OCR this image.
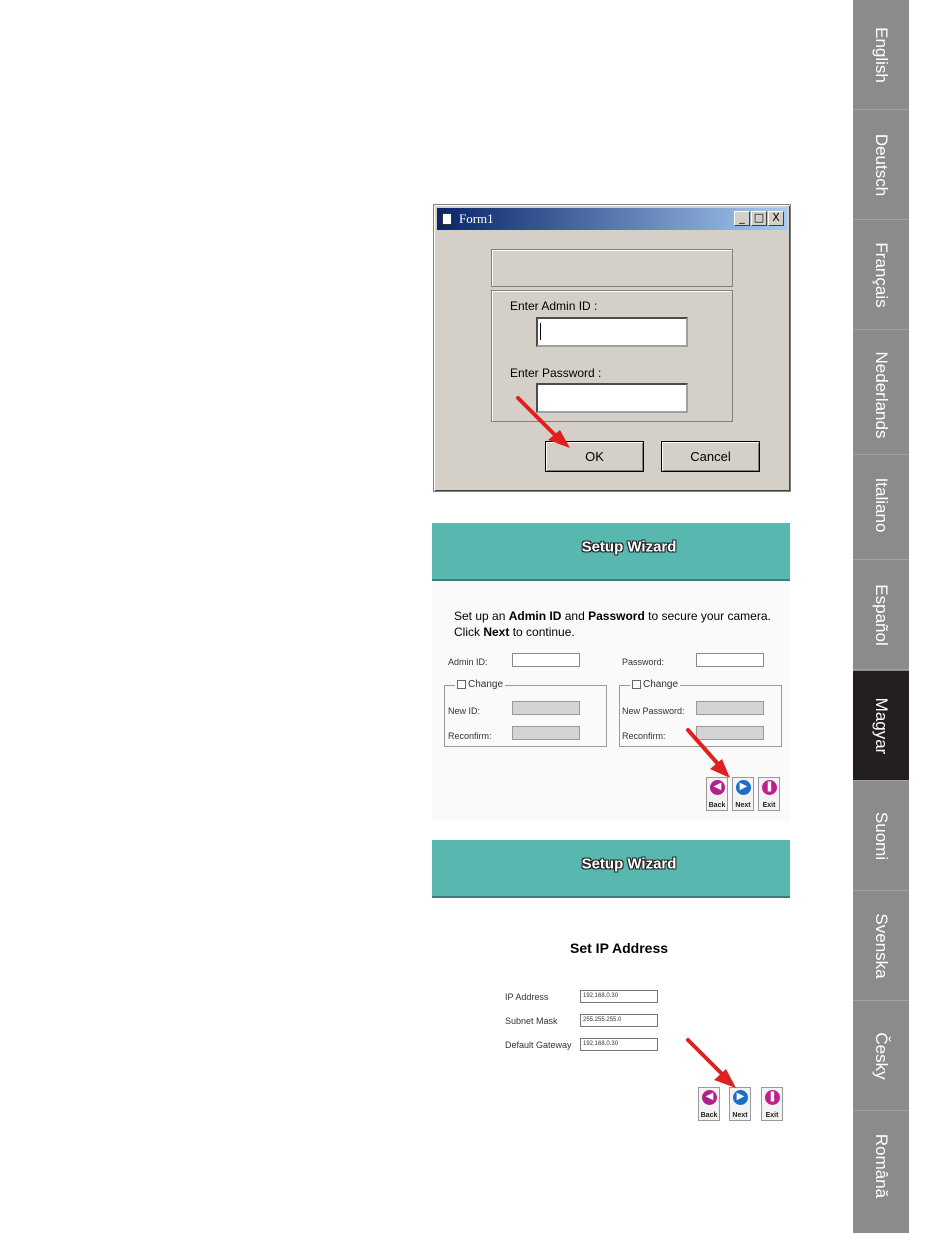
English
Deutsch
Français
Nederlands
Italiano
Español
Magyar
Suomi
Svenska
Česky
Română
Form1	_ □ X
Enter Admin ID :
Enter Password :
OK	Cancel
Setup Wizard
Set up an Admin ID and Password to secure your camera.
Click Next to continue.
Admin ID:	Password:
Change
New ID:
Reconfirm:
Change
New Password:
Reconfirm:
◀
Back
▶
Next
❚
Exit
Setup Wizard
Set IP Address
IP Address	192.168.0.30
Subnet Mask	255.255.255.0
Default Gateway	192.168.0.30
◀
Back
▶
Next
❚
Exit
